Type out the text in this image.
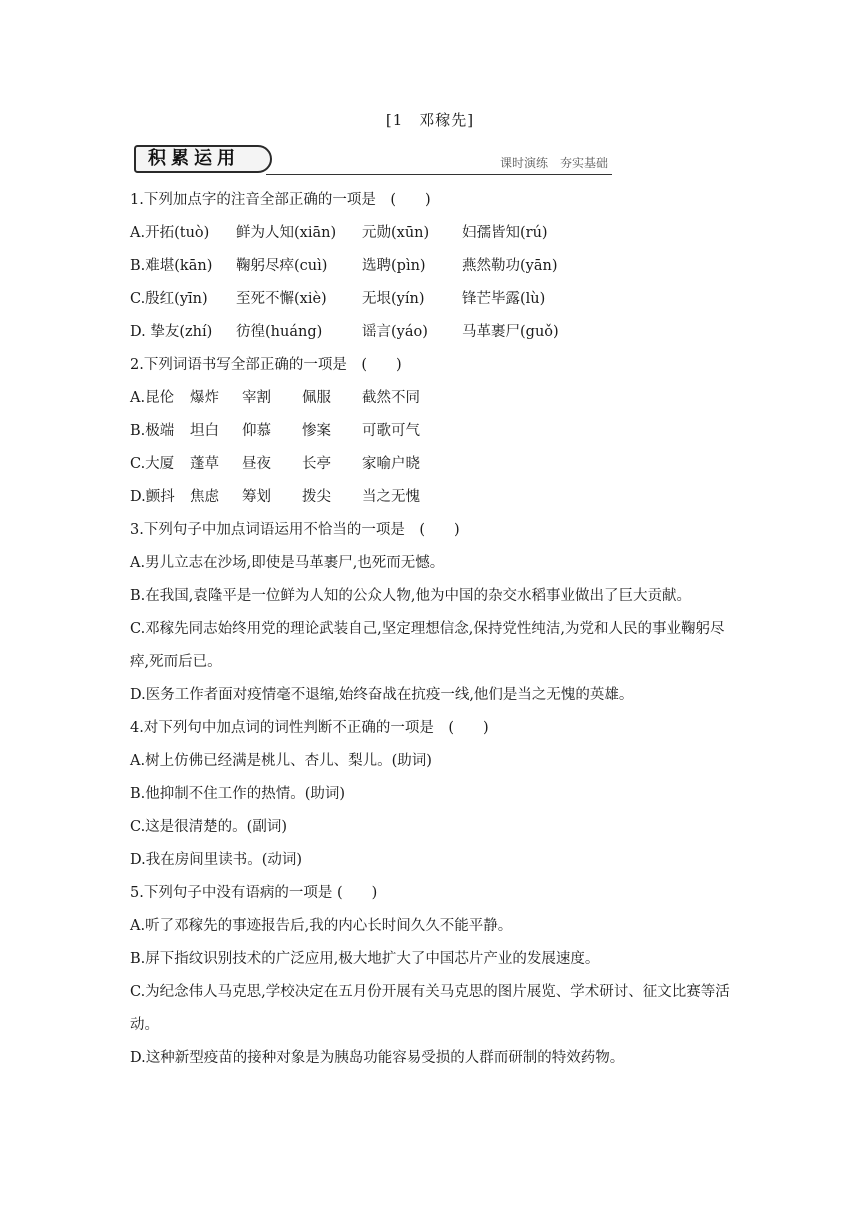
[1　邓稼先]
积累运用	课时演练　夯实基础
1.下列加点字的注音全部正确的一项是　(　　)
A.开拓(tuò) 鲜为人知(xiān) 元勋(xūn) 妇孺皆知(rú)
B.难堪(kān) 鞠躬尽瘁(cuì) 选聘(pìn)	燕然勒功(yān)
C.殷红(yīn) 至死不懈(xiè) 无垠(yín)	锋芒毕露(lù)
D. 挚友(zhí) 彷徨(huáng)	谣言(yáo) 马革裹尸(guǒ)
2.下列词语书写全部正确的一项是　(　　)
A.昆伦 爆炸 宰割 佩服 截然不同
B.极端 坦白 仰慕 惨案 可歌可气
C.大厦 蓬草 昼夜 长亭 家喻户晓
D.颤抖 焦虑 筹划 拨尖 当之无愧
3.下列句子中加点词语运用不恰当的一项是　(　　)
A.男儿立志在沙场,即使是马革裹尸,也死而无憾。
B.在我国,袁隆平是一位鲜为人知的公众人物,他为中国的杂交水稻事业做出了巨大贡献。
C.邓稼先同志始终用党的理论武装自己,坚定理想信念,保持党性纯洁,为党和人民的事业鞠躬尽瘁,死而后已。
D.医务工作者面对疫情毫不退缩,始终奋战在抗疫一线,他们是当之无愧的英雄。
4.对下列句中加点词的词性判断不正确的一项是　(　　)
A.树上仿佛已经满是桃儿、杏儿、梨儿。(助词)
B.他抑制不住工作的热情。(助词)
C.这是很清楚的。(副词)
D.我在房间里读书。(动词)
5.下列句子中没有语病的一项是 (　　)
A.听了邓稼先的事迹报告后,我的内心长时间久久不能平静。
B.屏下指纹识别技术的广泛应用,极大地扩大了中国芯片产业的发展速度。
C.为纪念伟人马克思,学校决定在五月份开展有关马克思的图片展览、学术研讨、征文比赛等活动。
D.这种新型疫苗的接种对象是为胰岛功能容易受损的人群而研制的特效药物。
